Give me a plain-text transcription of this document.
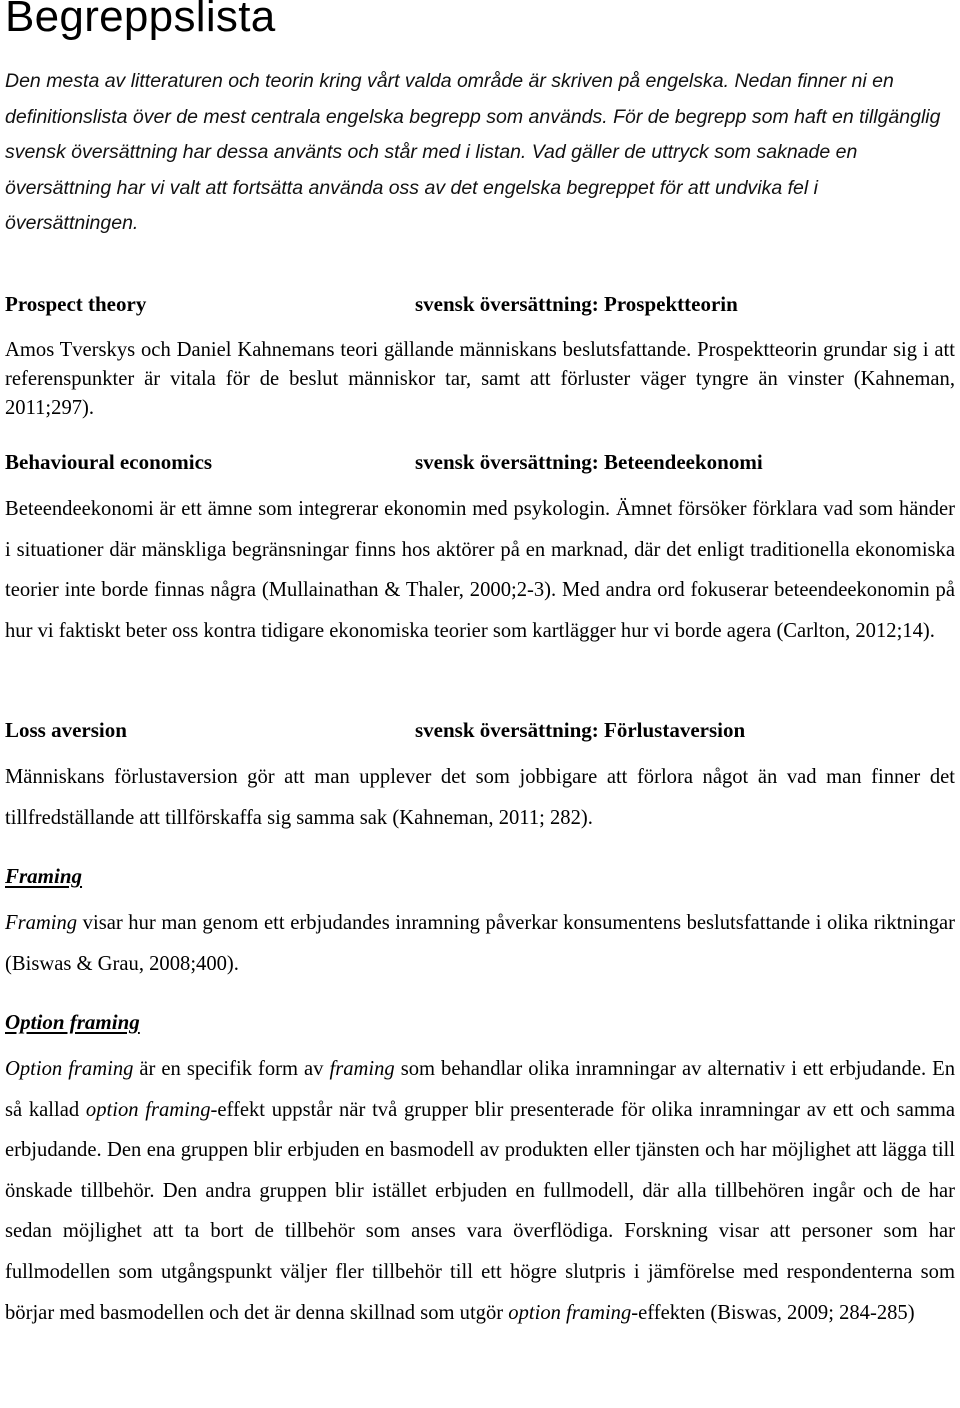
Begreppslista

Den mesta av litteraturen och teorin kring vårt valda område är skriven på engelska. Nedan finner ni en definitionslista över de mest centrala engelska begrepp som används. För de begrepp som haft en tillgänglig svensk översättning har dessa använts och står med i listan. Vad gäller de uttryck som saknade en översättning har vi valt att fortsätta använda oss av det engelska begreppet för att undvika fel i översättningen.

Prospect theory	svensk översättning: Prospektteorin

Amos Tverskys och Daniel Kahnemans teori gällande människans beslutsfattande. Prospektteorin grundar sig i att referenspunkter är vitala för de beslut människor tar, samt att förluster väger tyngre än vinster (Kahneman, 2011;297).

Behavioural economics	svensk översättning: Beteendeekonomi

Beteendeekonomi är ett ämne som integrerar ekonomin med psykologin. Ämnet försöker förklara vad som händer i situationer där mänskliga begränsningar finns hos aktörer på en marknad, där det enligt traditionella ekonomiska teorier inte borde finnas några (Mullainathan & Thaler, 2000;2-3). Med andra ord fokuserar beteendeekonomin på hur vi faktiskt beter oss kontra tidigare ekonomiska teorier som kartlägger hur vi borde agera (Carlton, 2012;14).

Loss aversion	svensk översättning: Förlustaversion

Människans förlustaversion gör att man upplever det som jobbigare att förlora något än vad man finner det tillfredställande att tillförskaffa sig samma sak (Kahneman, 2011; 282).

Framing

Framing visar hur man genom ett erbjudandes inramning påverkar konsumentens beslutsfattande i olika riktningar (Biswas & Grau, 2008;400).

Option framing

Option framing är en specifik form av framing som behandlar olika inramningar av alternativ i ett erbjudande. En så kallad option framing-effekt uppstår när två grupper blir presenterade för olika inramningar av ett och samma erbjudande. Den ena gruppen blir erbjuden en basmodell av produkten eller tjänsten och har möjlighet att lägga till önskade tillbehör. Den andra gruppen blir istället erbjuden en fullmodell, där alla tillbehören ingår och de har sedan möjlighet att ta bort de tillbehör som anses vara överflödiga. Forskning visar att personer som har fullmodellen som utgångspunkt väljer fler tillbehör till ett högre slutpris i jämförelse med respondenterna som börjar med basmodellen och det är denna skillnad som utgör option framing-effekten (Biswas, 2009; 284-285)
